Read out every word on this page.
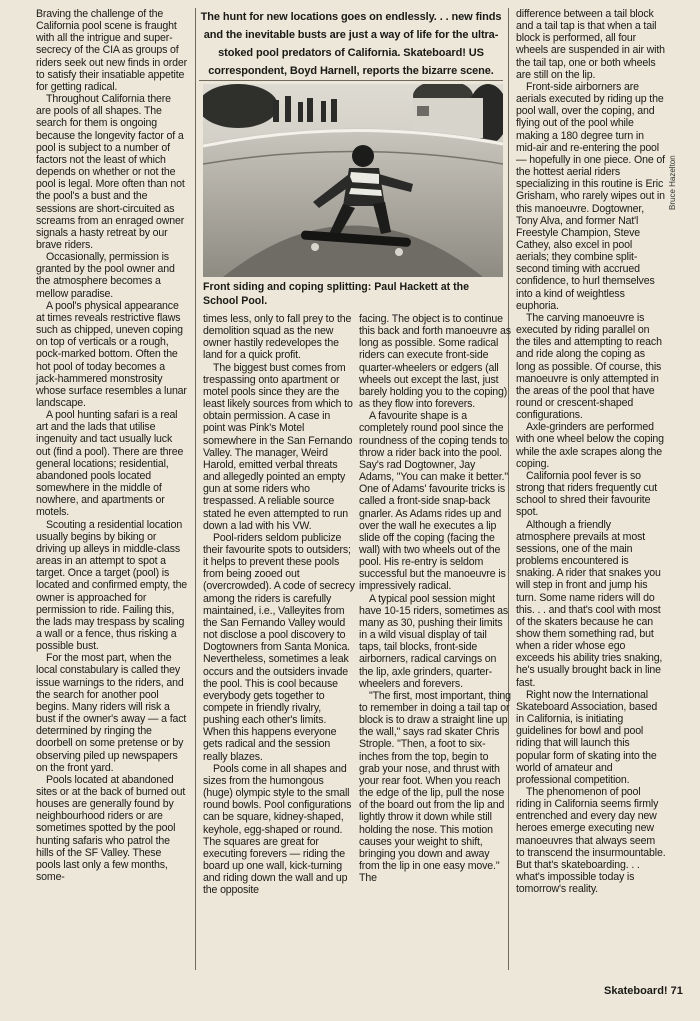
The hunt for new locations goes on endlessly. . . new finds
and the inevitable busts are just a way of life for the ultra-
stoked pool predators of California. Skateboard! US
correspondent, Boyd Harnell, reports the bizarre scene.
Front siding and coping splitting: Paul Hackett at the School Pool.
Bruce Hazelton

Braving the challenge of the California pool scene is fraught with all the intrigue and super-secrecy of the CIA as groups of riders seek out new finds in order to satisfy their insatiable appetite for getting radical.

Throughout California there are pools of all shapes. The search for them is ongoing because the longevity factor of a pool is subject to a number of factors not the least of which depends on whether or not the pool is legal. More often than not the pool's a bust and the sessions are short-circuited as screams from an enraged owner signals a hasty retreat by our brave riders.

Occasionally, permission is granted by the pool owner and the atmosphere becomes a mellow paradise.

A pool's physical appearance at times reveals restrictive flaws such as chipped, uneven coping on top of verticals or a rough, pock-marked bottom. Often the hot pool of today becomes a jack-hammered monstrosity whose surface resembles a lunar landscape.

A pool hunting safari is a real art and the lads that utilise ingenuity and tact usually luck out (find a pool). There are three general locations; residential, abandoned pools located somewhere in the middle of nowhere, and apartments or motels.

Scouting a residential location usually begins by biking or driving up alleys in middle-class areas in an attempt to spot a target. Once a target (pool) is located and confirmed empty, the owner is approached for permission to ride. Failing this, the lads may trespass by scaling a wall or a fence, thus risking a possible bust.

For the most part, when the local constabulary is called they issue warnings to the riders, and the search for another pool begins. Many riders will risk a bust if the owner's away — a fact determined by ringing the doorbell on some pretense or by observing piled up newspapers on the front yard.

Pools located at abandoned sites or at the back of burned out houses are generally found by neighbourhood riders or are sometimes spotted by the pool hunting safaris who patrol the hills of the SF Valley. These pools last only a few months, some-

times less, only to fall prey to the demolition squad as the new owner hastily redevelopes the land for a quick profit.

The biggest bust comes from trespassing onto apartment or motel pools since they are the least likely sources from which to obtain permission. A case in point was Pink's Motel somewhere in the San Fernando Valley. The manager, Weird Harold, emitted verbal threats and allegedly pointed an empty gun at some riders who trespassed. A reliable source stated he even attempted to run down a lad with his VW.

Pool-riders seldom publicize their favourite spots to outsiders; it helps to prevent these pools from being zooed out (overcrowded). A code of secrecy among the riders is carefully maintained, i.e., Valleyites from the San Fernando Valley would not disclose a pool discovery to Dogtowners from Santa Monica. Nevertheless, sometimes a leak occurs and the outsiders invade the pool. This is cool because everybody gets together to compete in friendly rivalry, pushing each other's limits. When this happens everyone gets radical and the session really blazes.

Pools come in all shapes and sizes from the humongous (huge) olympic style to the small round bowls. Pool configurations can be square, kidney-shaped, keyhole, egg-shaped or round. The squares are great for executing forevers — riding the board up one wall, kick-turning and riding down the wall and up the opposite

facing. The object is to continue this back and forth manoeuvre as long as possible. Some radical riders can execute front-side quarter-wheelers or edgers (all wheels out except the last, just barely holding you to the coping) as they flow into forevers.

A favourite shape is a completely round pool since the roundness of the coping tends to throw a rider back into the pool. Say's rad Dogtowner, Jay Adams, "You can make it better." One of Adams' favourite tricks is called a front-side snap-back gnarler. As Adams rides up and over the wall he executes a lip slide off the coping (facing the wall) with two wheels out of the pool. His re-entry is seldom successful but the manoeuvre is impressively radical.

A typical pool session might have 10-15 riders, sometimes as many as 30, pushing their limits in a wild visual display of tail taps, tail blocks, front-side airborners, radical carvings on the lip, axle grinders, quarter-wheelers and forevers.

"The first, most important, thing to remember in doing a tail tap or block is to draw a straight line up the wall," says rad skater Chris Strople. "Then, a foot to six-inches from the top, begin to grab your nose, and thrust with your rear foot. When you reach the edge of the lip, pull the nose of the board out from the lip and lightly throw it down while still holding the nose. This motion causes your weight to shift, bringing you down and away from the lip in one easy move." The

difference between a tail block and a tail tap is that when a tail block is performed, all four wheels are suspended in air with the tail tap, one or both wheels are still on the lip.

Front-side airborners are aerials executed by riding up the pool wall, over the coping, and flying out of the pool while making a 180 degree turn in mid-air and re-entering the pool — hopefully in one piece. One of the hottest aerial riders specializing in this routine is Eric Grisham, who rarely wipes out in this manoeuvre. Dogtowner, Tony Alva, and former Nat'l Freestyle Champion, Steve Cathey, also excel in pool aerials; they combine split-second timing with accrued confidence, to hurl themselves into a kind of weightless euphoria.

The carving manoeuvre is executed by riding parallel on the tiles and attempting to reach and ride along the coping as long as possible. Of course, this manoeuvre is only attempted in the areas of the pool that have round or crescent-shaped configurations.

Axle-grinders are performed with one wheel below the coping while the axle scrapes along the coping.

California pool fever is so strong that riders frequently cut school to shred their favourite spot.

Although a friendly atmosphere prevails at most sessions, one of the main problems encountered is snaking. A rider that snakes you will step in front and jump his turn. Some name riders will do this. . . and that's cool with most of the skaters because he can show them something rad, but when a rider whose ego exceeds his ability tries snaking, he's usually brought back in line fast.

Right now the International Skateboard Association, based in California, is initiating guidelines for bowl and pool riding that will launch this popular form of skating into the world of amateur and professional competition.

The phenomenon of pool riding in California seems firmly entrenched and every day new heroes emerge executing new manoeuvres that always seem to transcend the insurmountable. But that's skateboarding. . . what's impossible today is tomorrow's reality.

Skateboard! 71
